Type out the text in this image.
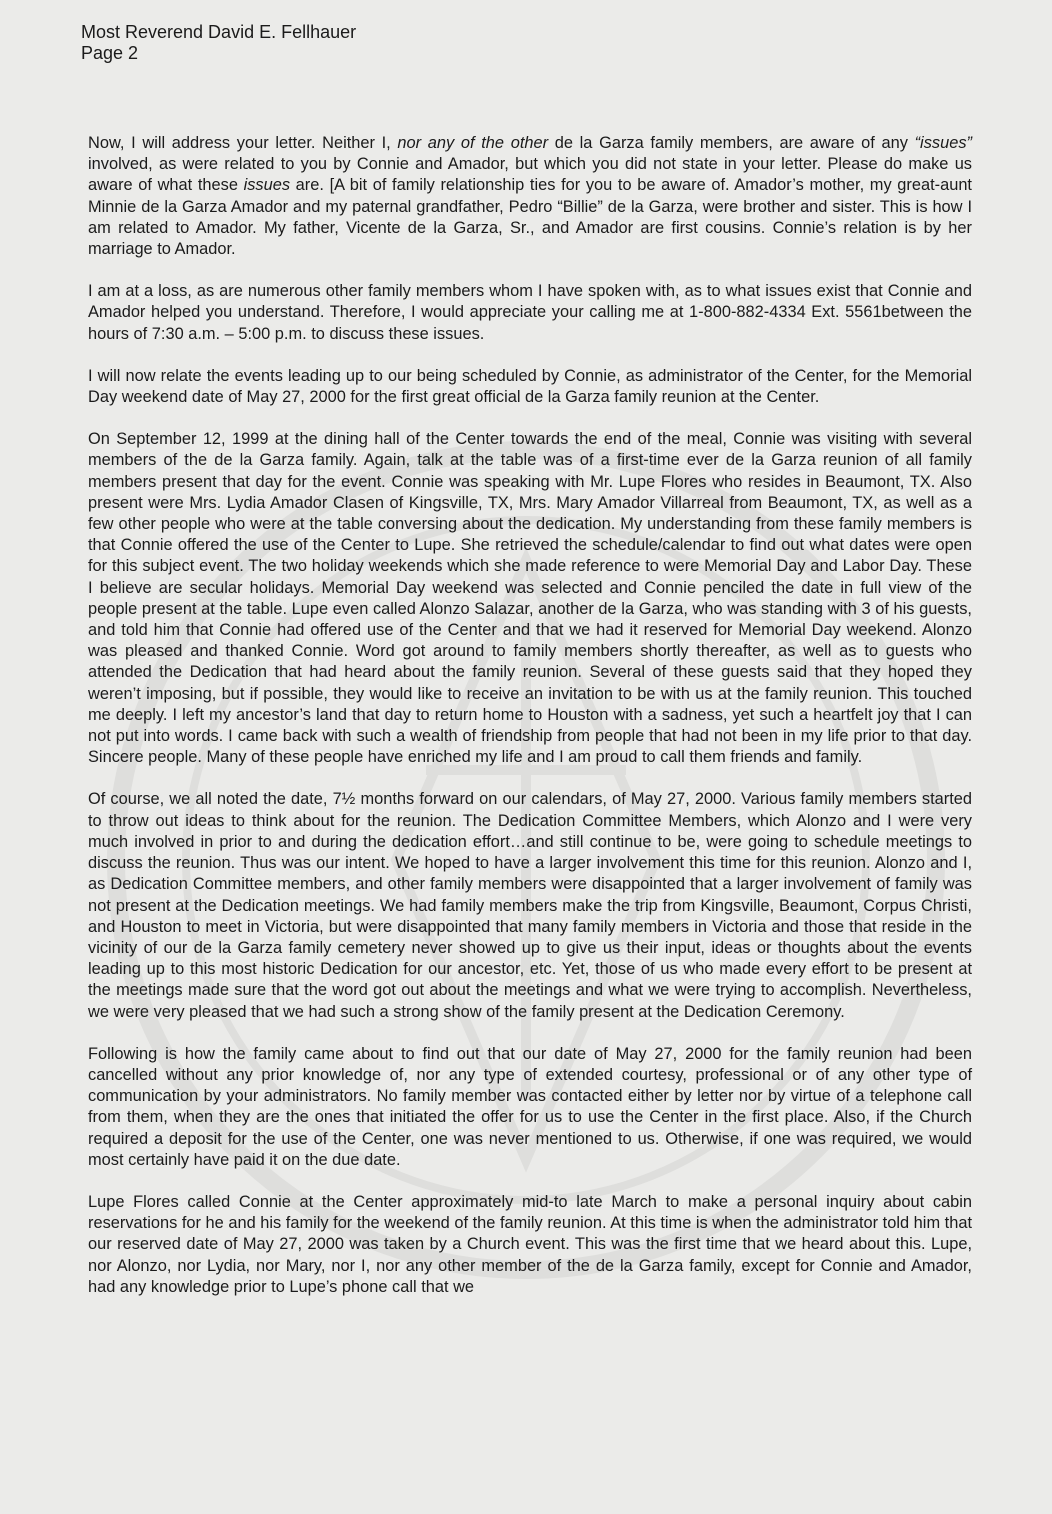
Most Reverend David E. Fellhauer
Page 2

Now, I will address your letter. Neither I, nor any of the other de la Garza family members, are aware of any “issues” involved, as were related to you by Connie and Amador, but which you did not state in your letter. Please do make us aware of what these issues are. [A bit of family relationship ties for you to be aware of. Amador’s mother, my great-aunt Minnie de la Garza Amador and my paternal grandfather, Pedro “Billie” de la Garza, were brother and sister. This is how I am related to Amador. My father, Vicente de la Garza, Sr., and Amador are first cousins. Connie’s relation is by her marriage to Amador.

I am at a loss, as are numerous other family members whom I have spoken with, as to what issues exist that Connie and Amador helped you understand. Therefore, I would appreciate your calling me at 1-800-882-4334 Ext. 5561between the hours of 7:30 a.m. – 5:00 p.m. to discuss these issues.

I will now relate the events leading up to our being scheduled by Connie, as administrator of the Center, for the Memorial Day weekend date of May 27, 2000 for the first great official de la Garza family reunion at the Center.

On September 12, 1999 at the dining hall of the Center towards the end of the meal, Connie was visiting with several members of the de la Garza family. Again, talk at the table was of a first-time ever de la Garza reunion of all family members present that day for the event. Connie was speaking with Mr. Lupe Flores who resides in Beaumont, TX. Also present were Mrs. Lydia Amador Clasen of Kingsville, TX, Mrs. Mary Amador Villarreal from Beaumont, TX, as well as a few other people who were at the table conversing about the dedication. My understanding from these family members is that Connie offered the use of the Center to Lupe. She retrieved the schedule/calendar to find out what dates were open for this subject event. The two holiday weekends which she made reference to were Memorial Day and Labor Day. These I believe are secular holidays. Memorial Day weekend was selected and Connie penciled the date in full view of the people present at the table. Lupe even called Alonzo Salazar, another de la Garza, who was standing with 3 of his guests, and told him that Connie had offered use of the Center and that we had it reserved for Memorial Day weekend. Alonzo was pleased and thanked Connie. Word got around to family members shortly thereafter, as well as to guests who attended the Dedication that had heard about the family reunion. Several of these guests said that they hoped they weren’t imposing, but if possible, they would like to receive an invitation to be with us at the family reunion. This touched me deeply. I left my ancestor’s land that day to return home to Houston with a sadness, yet such a heartfelt joy that I can not put into words. I came back with such a wealth of friendship from people that had not been in my life prior to that day. Sincere people. Many of these people have enriched my life and I am proud to call them friends and family.

Of course, we all noted the date, 7½ months forward on our calendars, of May 27, 2000. Various family members started to throw out ideas to think about for the reunion. The Dedication Committee Members, which Alonzo and I were very much involved in prior to and during the dedication effort…and still continue to be, were going to schedule meetings to discuss the reunion. Thus was our intent. We hoped to have a larger involvement this time for this reunion. Alonzo and I, as Dedication Committee members, and other family members were disappointed that a larger involvement of family was not present at the Dedication meetings. We had family members make the trip from Kingsville, Beaumont, Corpus Christi, and Houston to meet in Victoria, but were disappointed that many family members in Victoria and those that reside in the vicinity of our de la Garza family cemetery never showed up to give us their input, ideas or thoughts about the events leading up to this most historic Dedication for our ancestor, etc. Yet, those of us who made every effort to be present at the meetings made sure that the word got out about the meetings and what we were trying to accomplish. Nevertheless, we were very pleased that we had such a strong show of the family present at the Dedication Ceremony.

Following is how the family came about to find out that our date of May 27, 2000 for the family reunion had been cancelled without any prior knowledge of, nor any type of extended courtesy, professional or of any other type of communication by your administrators. No family member was contacted either by letter nor by virtue of a telephone call from them, when they are the ones that initiated the offer for us to use the Center in the first place. Also, if the Church required a deposit for the use of the Center, one was never mentioned to us. Otherwise, if one was required, we would most certainly have paid it on the due date.

Lupe Flores called Connie at the Center approximately mid-to late March to make a personal inquiry about cabin reservations for he and his family for the weekend of the family reunion. At this time is when the administrator told him that our reserved date of May 27, 2000 was taken by a Church event. This was the first time that we heard about this. Lupe, nor Alonzo, nor Lydia, nor Mary, nor I, nor any other member of the de la Garza family, except for Connie and Amador, had any knowledge prior to Lupe’s phone call that we
